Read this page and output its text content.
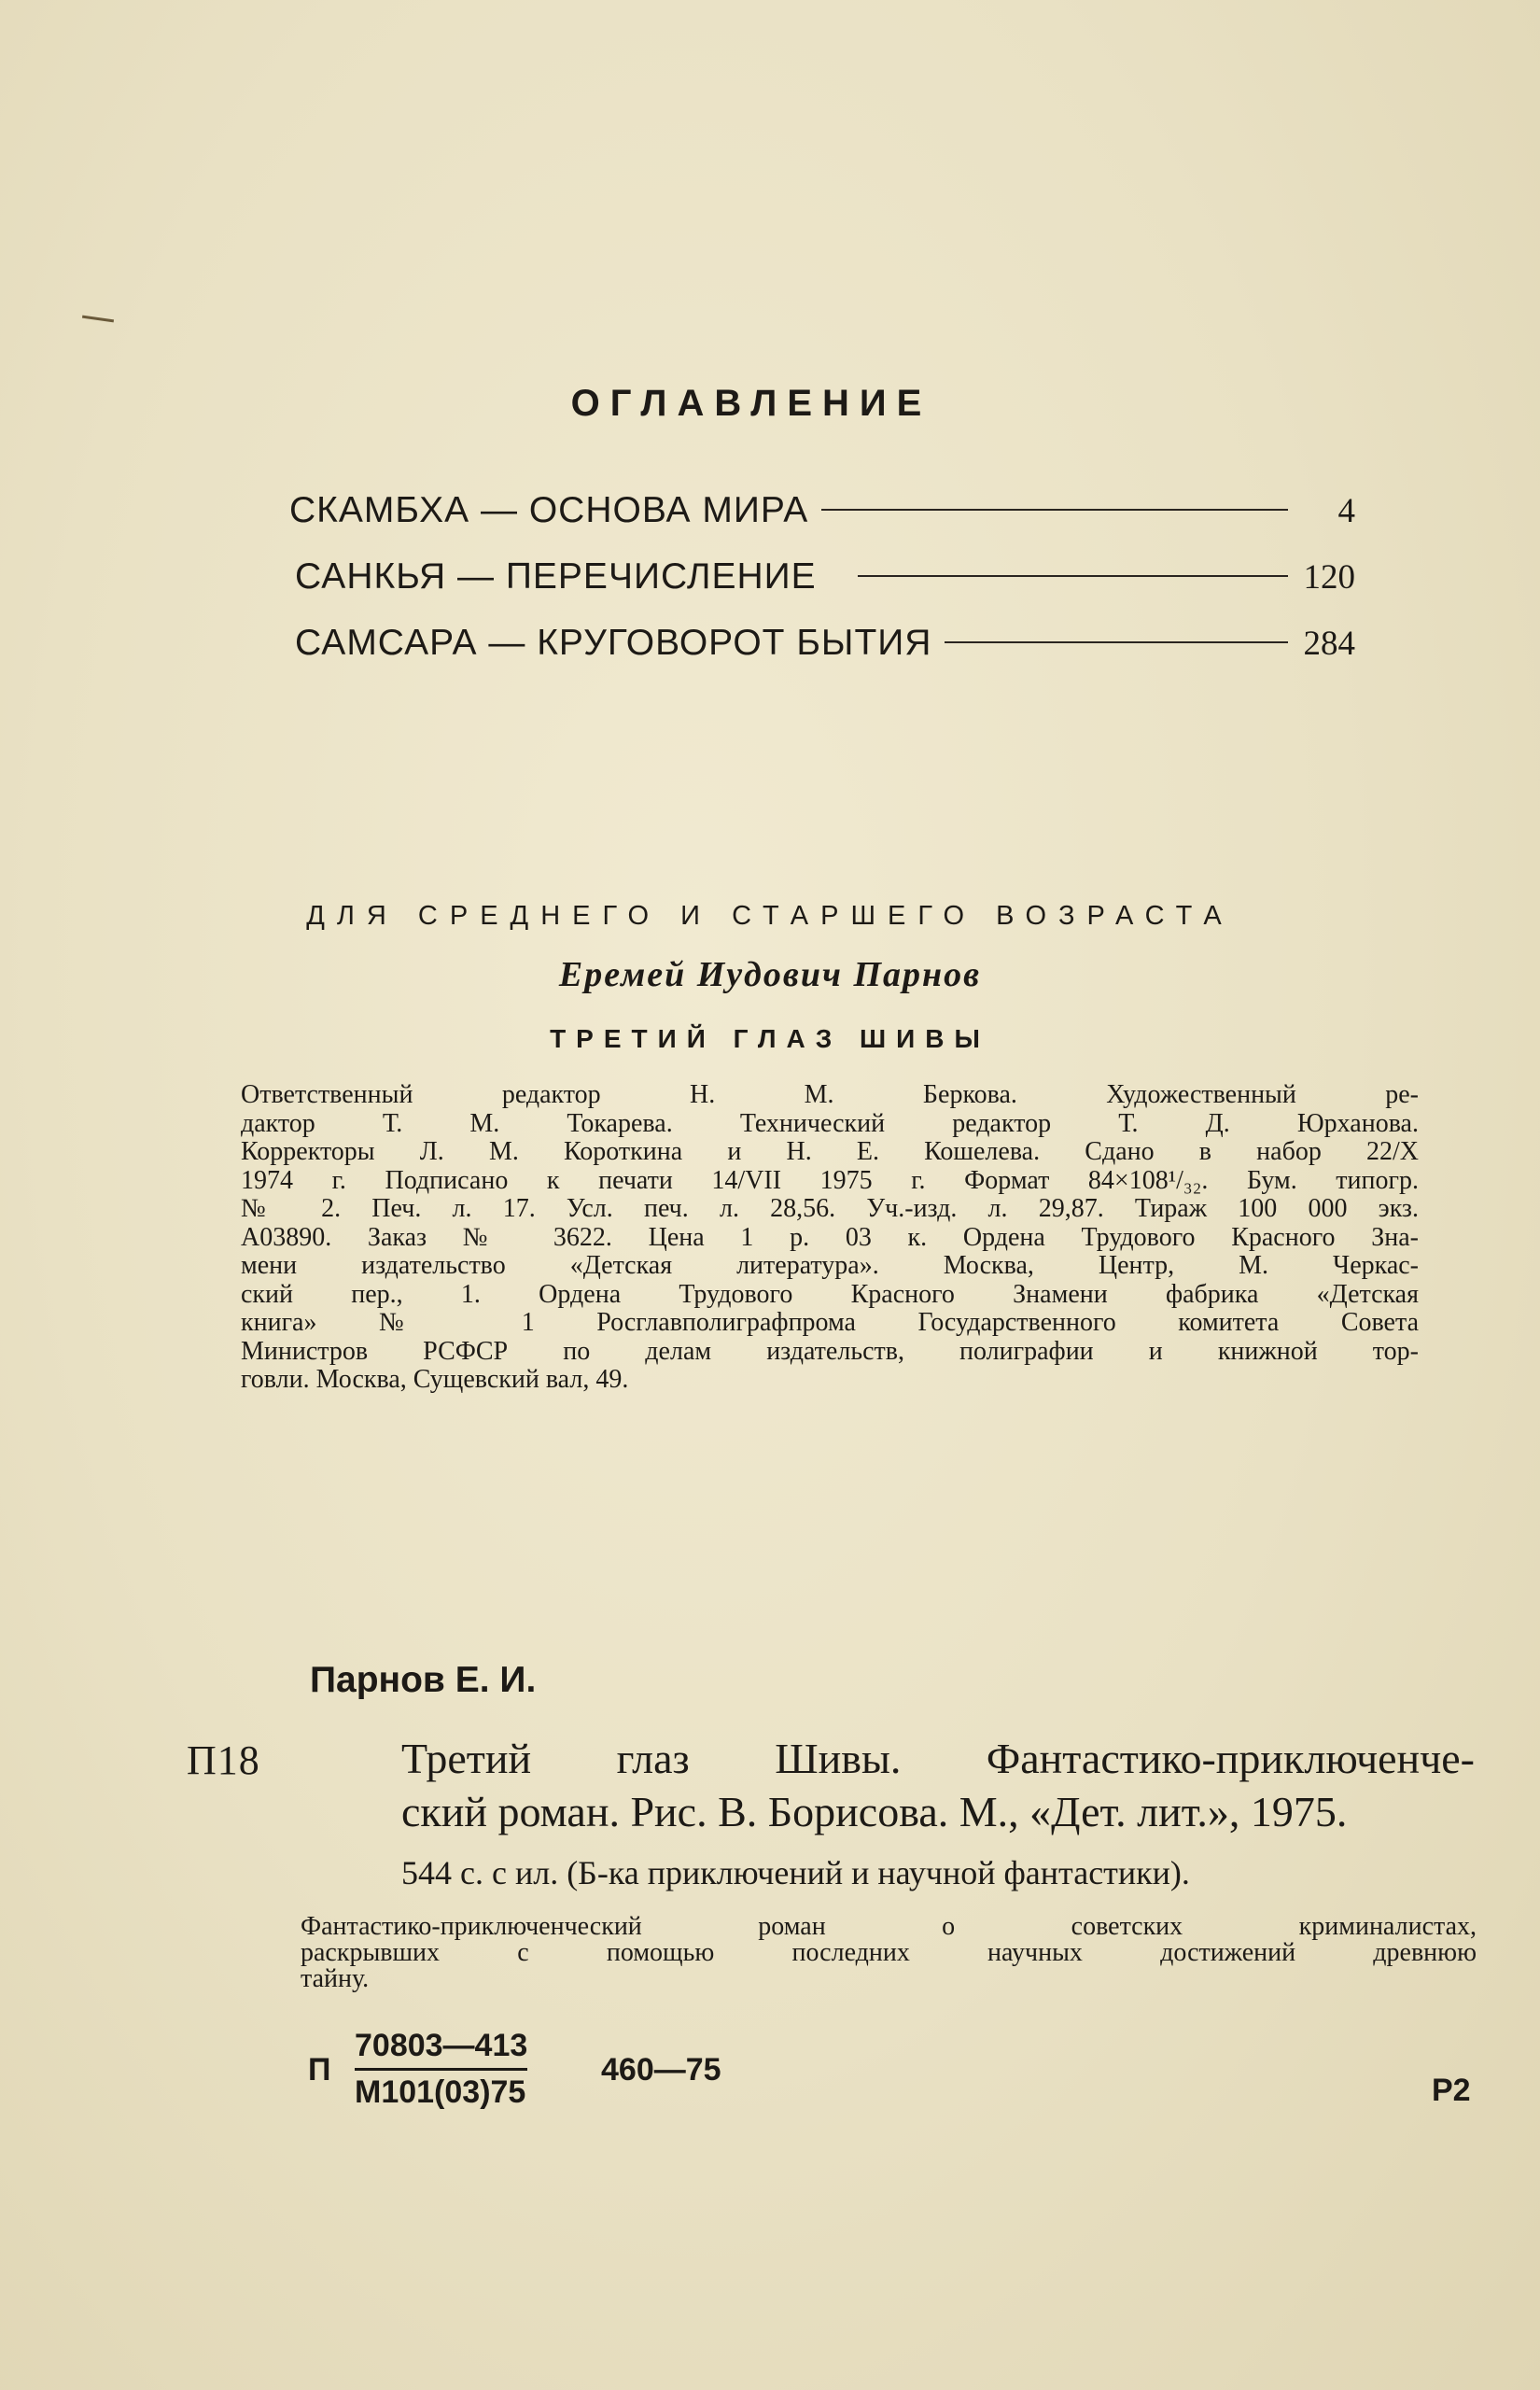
ОГЛАВЛЕНИЕ
СКАМБХА — ОСНОВА МИРА	4
САНКЬЯ — ПЕРЕЧИСЛЕНИЕ	120
САМСАРА — КРУГОВОРОТ БЫТИЯ	284
ДЛЯ СРЕДНЕГО И СТАРШЕГО ВОЗРАСТА
Еремей Иудович Парнов
ТРЕТИЙ ГЛАЗ ШИВЫ
Ответственный редактор Н. М. Беркова. Художественный ре-
дактор Т. М. Токарева. Технический редактор Т. Д. Юрханова.
Корректоры Л. М. Короткина и Н. Е. Кошелева. Сдано в набор 22/X
1974 г. Подписано к печати 14/VII 1975 г. Формат 84×108¹/₃₂. Бум. типогр.
№ 2. Печ. л. 17. Усл. печ. л. 28,56. Уч.-изд. л. 29,87. Тираж 100 000 экз.
А03890. Заказ № 3622. Цена 1 р. 03 к. Ордена Трудового Красного Зна-
мени издательство «Детская литература». Москва, Центр, М. Черкас-
ский пер., 1. Ордена Трудового Красного Знамени фабрика «Детская
книга» № 1 Росглавполиграфпрома Государственного комитета Совета
Министров РСФСР по делам издательств, полиграфии и книжной тор-
говли. Москва, Сущевский вал, 49.
Парнов Е. И.
П18	Третий глаз Шивы. Фантастико-приключенче-
ский роман. Рис. В. Борисова. М., «Дет. лит.», 1975.
544 с. с ил. (Б-ка приключений и научной фантастики).
Фантастико-приключенческий роман о советских криминалистах,
раскрывших с помощью последних научных достижений древнюю
тайну.
П
70803—413
М101(03)75
460—75
Р2
